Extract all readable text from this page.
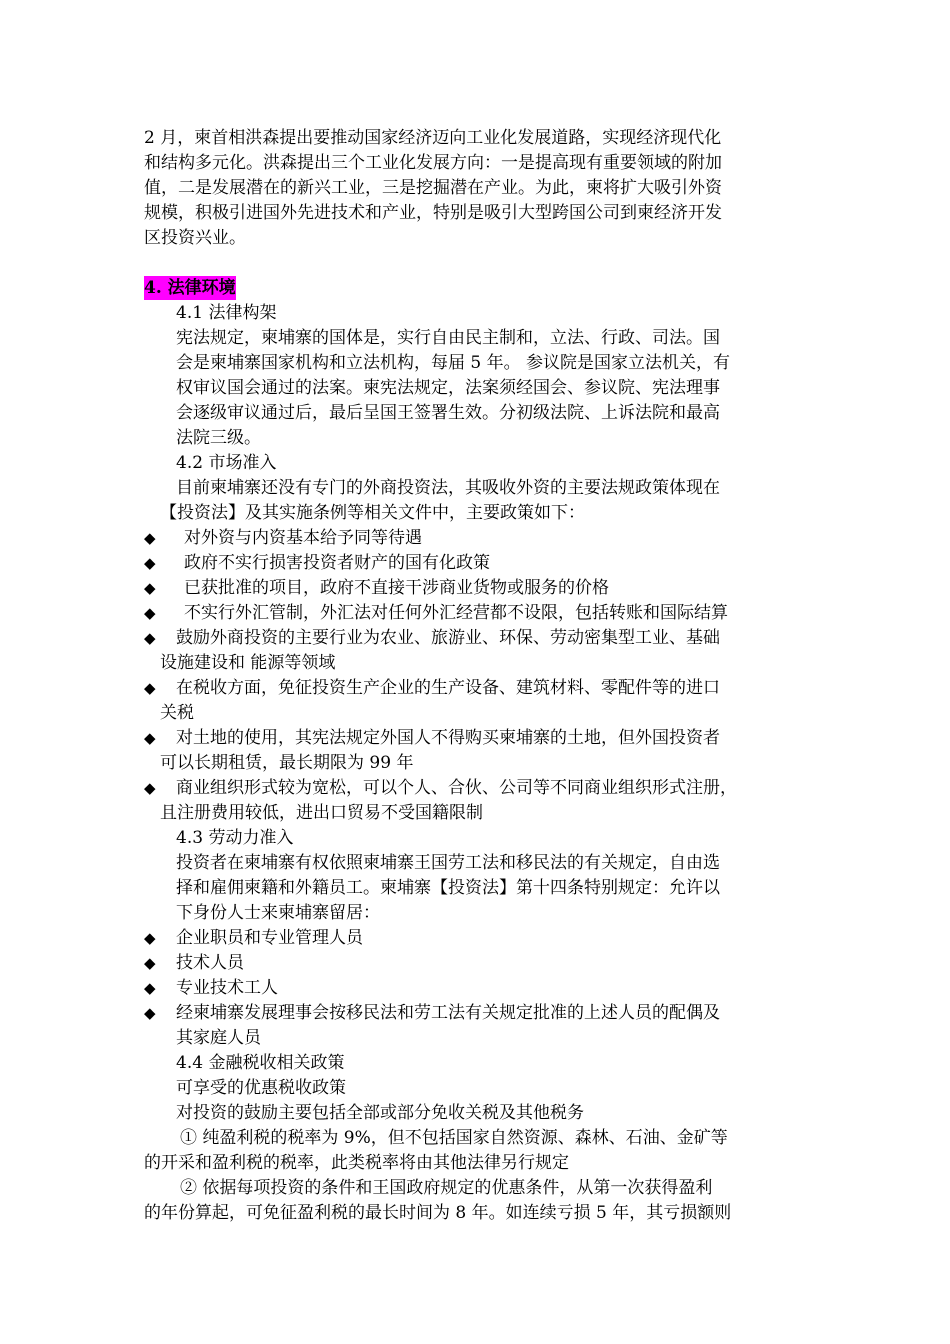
2 月，柬首相洪森提出要推动国家经济迈向工业化发展道路，实现经济现代化
和结构多元化。洪森提出三个工业化发展方向：一是提高现有重要领域的附加
值，二是发展潜在的新兴工业，三是挖掘潜在产业。为此，柬将扩大吸引外资
规模，积极引进国外先进技术和产业，特别是吸引大型跨国公司到柬经济开发
区投资兴业。
4. 法律环境
4.1 法律构架
宪法规定，柬埔寨的国体是，实行自由民主制和，立法、行政、司法。国
会是柬埔寨国家机构和立法机构，每届 5 年。 参议院是国家立法机关，有
权审议国会通过的法案。柬宪法规定，法案须经国会、参议院、宪法理事
会逐级审议通过后，最后呈国王签署生效。分初级法院、上诉法院和最高
法院三级。
4.2 市场准入
目前柬埔寨还没有专门的外商投资法，其吸收外资的主要法规政策体现在
【投资法】及其实施条例等相关文件中，主要政策如下：
◆ 对外资与内资基本给予同等待遇
◆ 政府不实行损害投资者财产的国有化政策
◆ 已获批准的项目，政府不直接干涉商业货物或服务的价格
◆ 不实行外汇管制，外汇法对任何外汇经营都不设限，包括转账和国际结算
◆ 鼓励外商投资的主要行业为农业、旅游业、环保、劳动密集型工业、基础
设施建设和 能源等领域
◆ 在税收方面，免征投资生产企业的生产设备、建筑材料、零配件等的进口
关税
◆ 对土地的使用，其宪法规定外国人不得购买柬埔寨的土地，但外国投资者
可以长期租赁，最长期限为 99 年
◆ 商业组织形式较为宽松，可以个人、合伙、公司等不同商业组织形式注册，
且注册费用较低，进出口贸易不受国籍限制
4.3 劳动力准入
投资者在柬埔寨有权依照柬埔寨王国劳工法和移民法的有关规定，自由选
择和雇佣柬籍和外籍员工。柬埔寨【投资法】第十四条特别规定：允许以
下身份人士来柬埔寨留居：
◆ 企业职员和专业管理人员
◆ 技术人员
◆ 专业技术工人
◆ 经柬埔寨发展理事会按移民法和劳工法有关规定批准的上述人员的配偶及
其家庭人员
4.4 金融税收相关政策
可享受的优惠税收政策
对投资的鼓励主要包括全部或部分免收关税及其他税务
① 纯盈利税的税率为 9%，但不包括国家自然资源、森林、石油、金矿等
的开采和盈利税的税率，此类税率将由其他法律另行规定
② 依据每项投资的条件和王国政府规定的优惠条件，从第一次获得盈利
的年份算起，可免征盈利税的最长时间为 8 年。如连续亏损 5 年，其亏损额则
